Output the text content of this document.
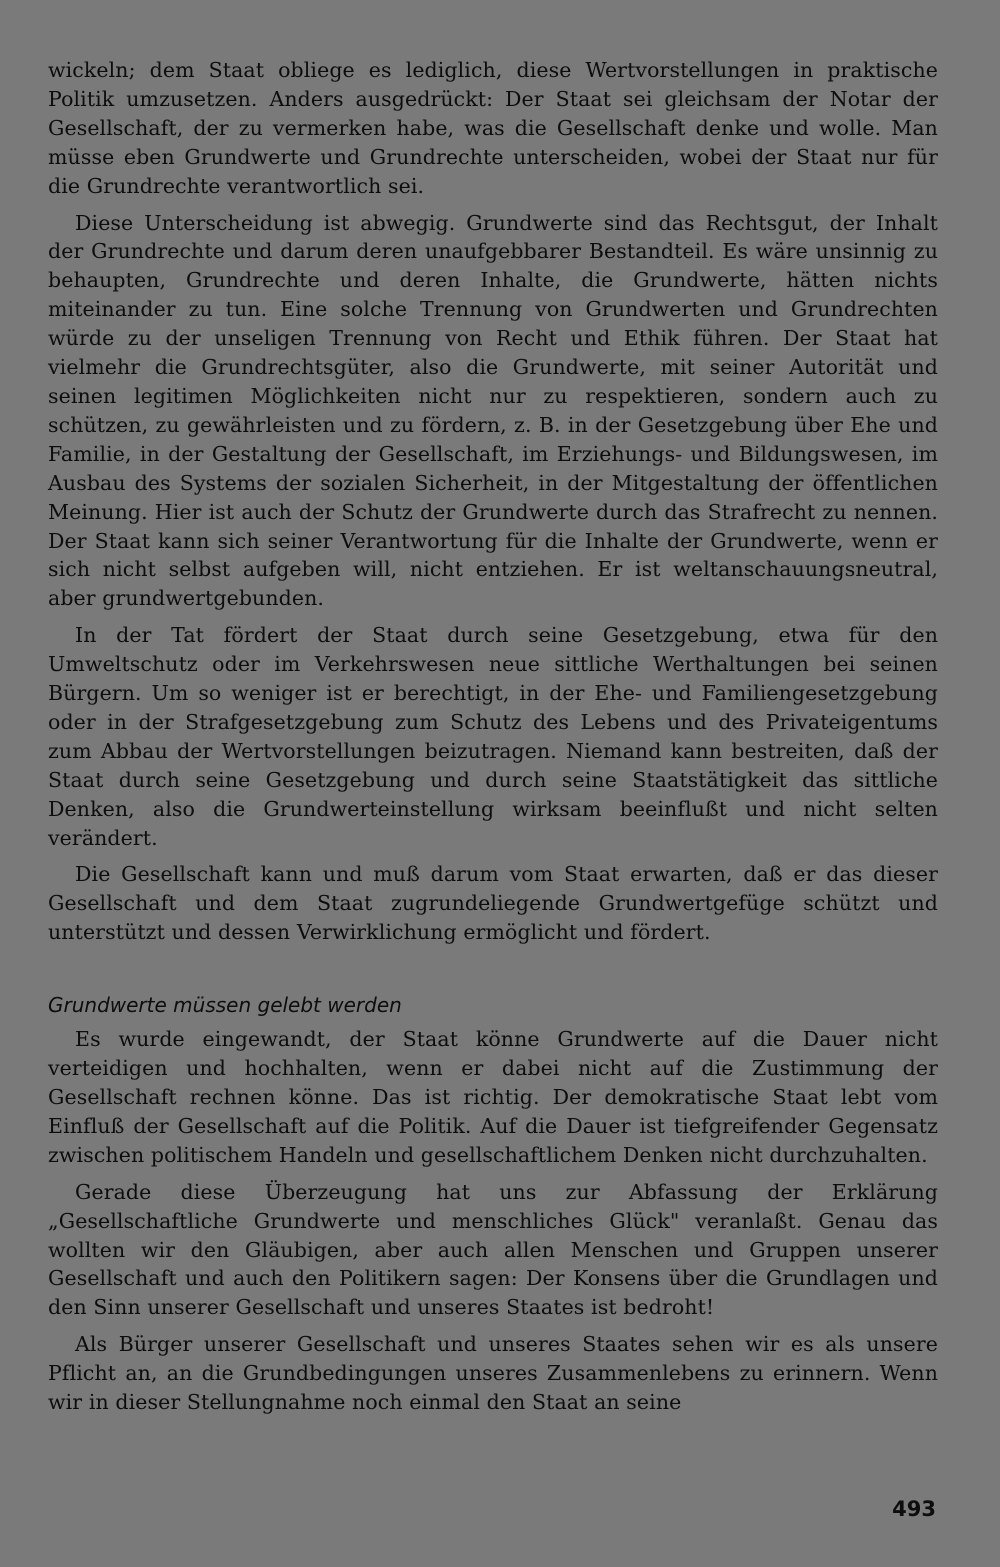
wickeln; dem Staat obliege es lediglich, diese Wertvorstellungen in praktische Politik umzusetzen. Anders ausgedrückt: Der Staat sei gleichsam der Notar der Gesellschaft, der zu vermerken habe, was die Gesellschaft denke und wolle. Man müsse eben Grundwerte und Grundrechte unterscheiden, wobei der Staat nur für die Grundrechte verantwortlich sei.

Diese Unterscheidung ist abwegig. Grundwerte sind das Rechtsgut, der Inhalt der Grundrechte und darum deren unaufgebbarer Bestandteil. Es wäre unsinnig zu behaupten, Grundrechte und deren Inhalte, die Grundwerte, hätten nichts miteinander zu tun. Eine solche Trennung von Grundwerten und Grundrechten würde zu der unseligen Trennung von Recht und Ethik führen. Der Staat hat vielmehr die Grundrechtsgüter, also die Grundwerte, mit seiner Autorität und seinen legitimen Möglichkeiten nicht nur zu respektieren, sondern auch zu schützen, zu gewährleisten und zu fördern, z. B. in der Gesetzgebung über Ehe und Familie, in der Gestaltung der Gesellschaft, im Erziehungs- und Bildungswesen, im Ausbau des Systems der sozialen Sicherheit, in der Mitgestaltung der öffentlichen Meinung. Hier ist auch der Schutz der Grundwerte durch das Strafrecht zu nennen. Der Staat kann sich seiner Verantwortung für die Inhalte der Grundwerte, wenn er sich nicht selbst aufgeben will, nicht entziehen. Er ist weltanschauungsneutral, aber grundwertgebunden.

In der Tat fördert der Staat durch seine Gesetzgebung, etwa für den Umweltschutz oder im Verkehrswesen neue sittliche Werthaltungen bei seinen Bürgern. Um so weniger ist er berechtigt, in der Ehe- und Familiengesetzgebung oder in der Strafgesetzgebung zum Schutz des Lebens und des Privateigentums zum Abbau der Wertvorstellungen beizutragen. Niemand kann bestreiten, daß der Staat durch seine Gesetzgebung und durch seine Staatstätigkeit das sittliche Denken, also die Grundwerteinstellung wirksam beeinflußt und nicht selten verändert.

Die Gesellschaft kann und muß darum vom Staat erwarten, daß er das dieser Gesellschaft und dem Staat zugrundeliegende Grundwertgefüge schützt und unterstützt und dessen Verwirklichung ermöglicht und fördert.

Grundwerte müssen gelebt werden

Es wurde eingewandt, der Staat könne Grundwerte auf die Dauer nicht verteidigen und hochhalten, wenn er dabei nicht auf die Zustimmung der Gesellschaft rechnen könne. Das ist richtig. Der demokratische Staat lebt vom Einfluß der Gesellschaft auf die Politik. Auf die Dauer ist tiefgreifender Gegensatz zwischen politischem Handeln und gesellschaftlichem Denken nicht durchzuhalten.

Gerade diese Überzeugung hat uns zur Abfassung der Erklärung „Gesellschaftliche Grundwerte und menschliches Glück" veranlaßt. Genau das wollten wir den Gläubigen, aber auch allen Menschen und Gruppen unserer Gesellschaft und auch den Politikern sagen: Der Konsens über die Grundlagen und den Sinn unserer Gesellschaft und unseres Staates ist bedroht!

Als Bürger unserer Gesellschaft und unseres Staates sehen wir es als unsere Pflicht an, an die Grundbedingungen unseres Zusammenlebens zu erinnern. Wenn wir in dieser Stellungnahme noch einmal den Staat an seine

493
